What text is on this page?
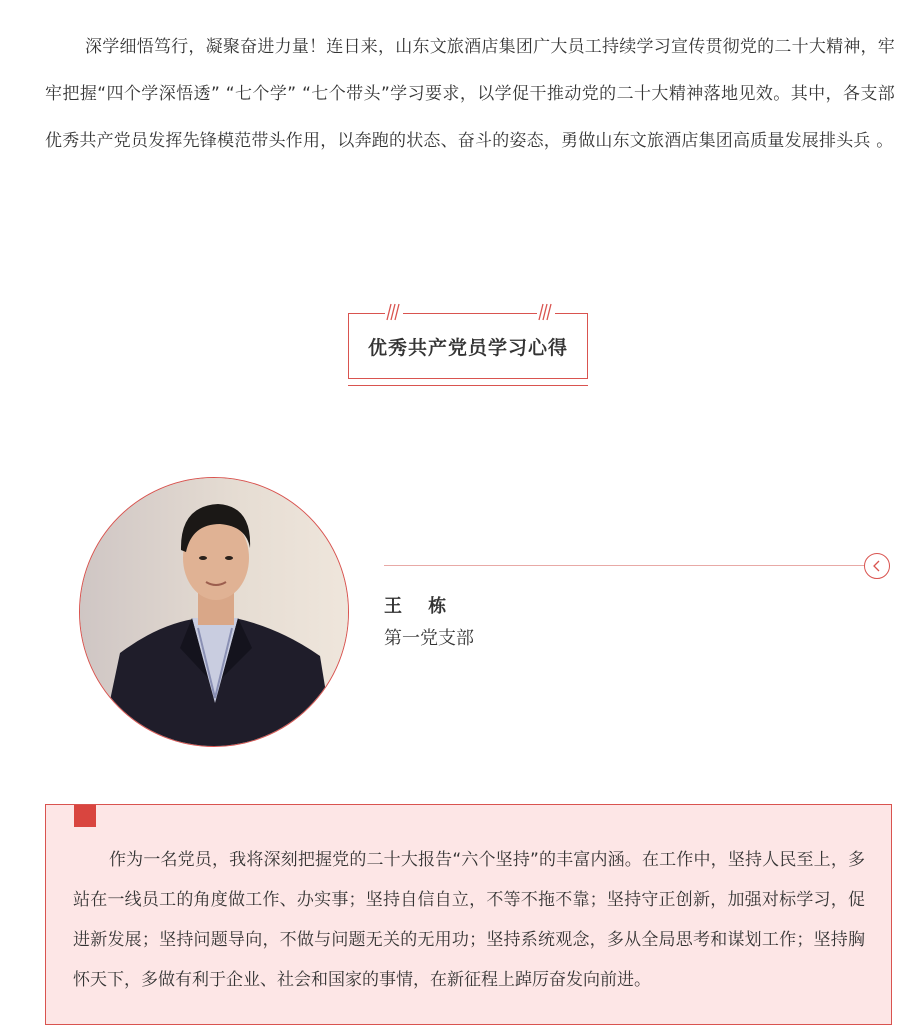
深学细悟笃行，凝聚奋进力量！连日来，山东文旅酒店集团广大员工持续学习宣传贯彻党的二十大精神，牢牢把握“四个学深悟透” “七个学” “七个带头”学习要求，以学促干推动党的二十大精神落地见效。其中，各支部优秀共产党员发挥先锋模范带头作用，以奔跑的状态、奋斗的姿态，勇做山东文旅酒店集团高质量发展排头兵 。

优秀共产党员学习心得
王 栋
第一党支部

作为一名党员，我将深刻把握党的二十大报告“六个坚持”的丰富内涵。在工作中，坚持人民至上，多站在一线员工的角度做工作、办实事；坚持自信自立，不等不拖不靠；坚持守正创新，加强对标学习，促进新发展；坚持问题导向，不做与问题无关的无用功；坚持系统观念，多从全局思考和谋划工作；坚持胸怀天下，多做有利于企业、社会和国家的事情，在新征程上踔厉奋发向前进。
